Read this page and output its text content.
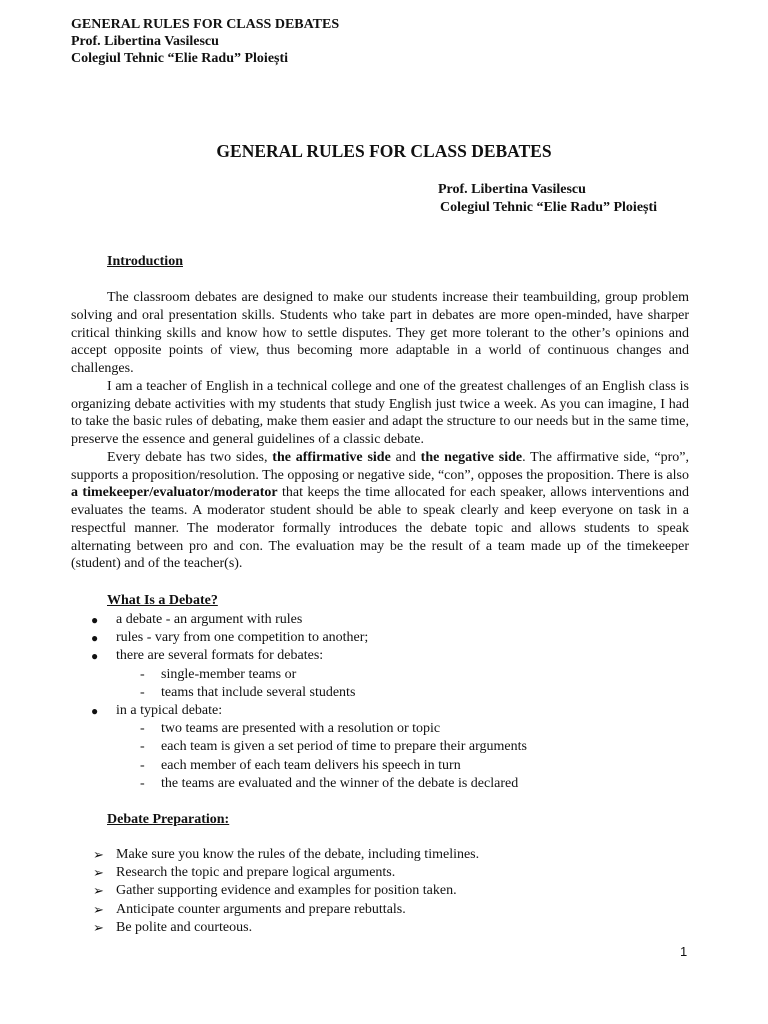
GENERAL RULES FOR CLASS DEBATES

Prof. Libertina Vasilescu

Colegiul Tehnic “Elie Radu” Ploiești

GENERAL RULES FOR CLASS DEBATES

Prof. Libertina Vasilescu

Colegiul Tehnic “Elie Radu” Ploiești

Introduction

The classroom debates are designed to make our students increase their teambuilding, group problem solving and oral presentation skills. Students who take part in debates are more open-minded, have sharper critical thinking skills and know how to settle disputes. They get more tolerant to the other’s opinions and accept opposite points of view, thus becoming more adaptable in a world of continuous changes and challenges.

I am a teacher of English in a technical college and one of the greatest challenges of an English class is organizing debate activities with my students that study English just twice a week. As you can imagine, I had to take the basic rules of debating, make them easier and adapt the structure to our needs but in the same time, preserve the essence and general guidelines of a classic debate.

Every debate has two sides, the affirmative side and the negative side. The affirmative side, “pro”, supports a proposition/resolution. The opposing or negative side, “con”, opposes the proposition. There is also a timekeeper/evaluator/moderator that keeps the time allocated for each speaker, allows interventions and evaluates the teams. A moderator student should be able to speak clearly and keep everyone on task in a respectful manner. The moderator formally introduces the debate topic and allows students to speak alternating between pro and con. The evaluation may be the result of a team made up of the timekeeper (student) and of the teacher(s).

What Is a Debate?
● a debate - an argument with rules
● rules - vary from one competition to another;
● there are several formats for debates:
- single-member teams or
- teams that include several students
● in a typical debate:
- two teams are presented with a resolution or topic
- each team is given a set period of time to prepare their arguments
- each member of each team delivers his speech in turn
- the teams are evaluated and the winner of the debate is declared
Debate Preparation:
➢ Make sure you know the rules of the debate, including timelines.
➢ Research the topic and prepare logical arguments.
➢ Gather supporting evidence and examples for position taken.
➢ Anticipate counter arguments and prepare rebuttals.
➢ Be polite and courteous.

1
